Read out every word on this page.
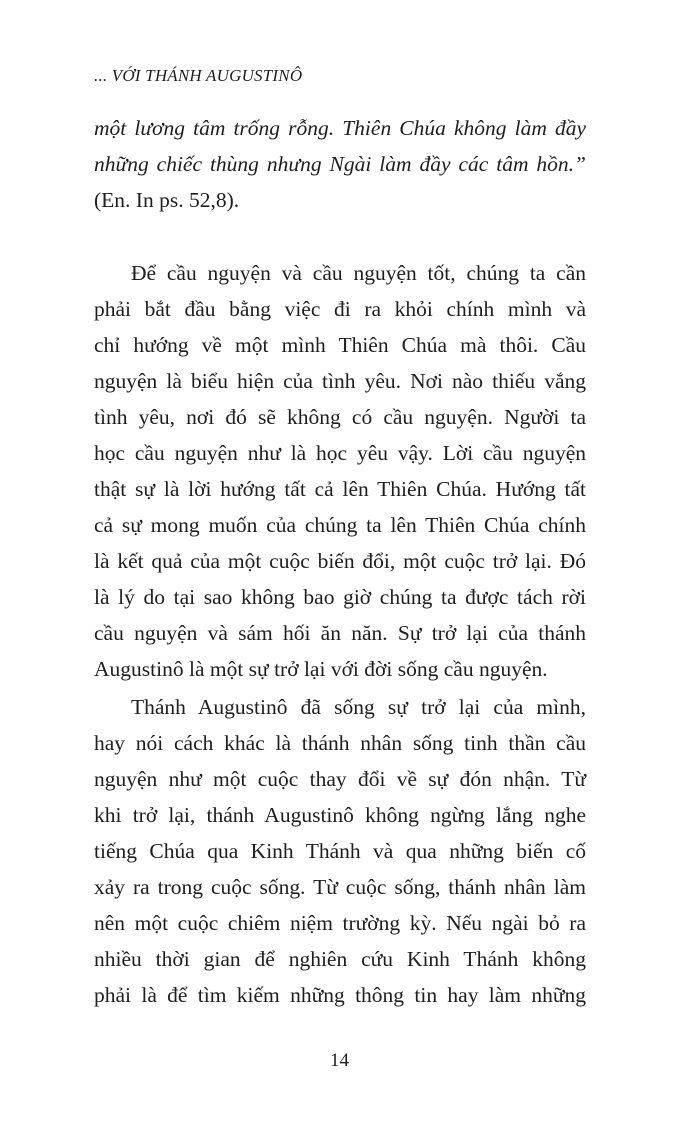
... VỚI THÁNH AUGUSTINÔ
một lương tâm trống rỗng. Thiên Chúa không làm đầy
những chiếc thùng nhưng Ngài làm đầy các tâm hồn.”
(En. In ps. 52,8).
Để cầu nguyện và cầu nguyện tốt, chúng ta cần
phải bắt đầu bằng việc đi ra khỏi chính mình và
chỉ hướng về một mình Thiên Chúa mà thôi. Cầu
nguyện là biểu hiện của tình yêu. Nơi nào thiếu vắng
tình yêu, nơi đó sẽ không có cầu nguyện. Người ta
học cầu nguyện như là học yêu vậy. Lời cầu nguyện
thật sự là lời hướng tất cả lên Thiên Chúa. Hướng tất
cả sự mong muốn của chúng ta lên Thiên Chúa chính
là kết quả của một cuộc biến đổi, một cuộc trở lại. Đó
là lý do tại sao không bao giờ chúng ta được tách rời
cầu nguyện và sám hối ăn năn. Sự trở lại của thánh
Augustinô là một sự trở lại với đời sống cầu nguyện.
Thánh Augustinô đã sống sự trở lại của mình,
hay nói cách khác là thánh nhân sống tinh thần cầu
nguyện như một cuộc thay đổi về sự đón nhận. Từ
khi trở lại, thánh Augustinô không ngừng lắng nghe
tiếng Chúa qua Kinh Thánh và qua những biến cố
xảy ra trong cuộc sống. Từ cuộc sống, thánh nhân làm
nên một cuộc chiêm niệm trường kỳ. Nếu ngài bỏ ra
nhiều thời gian để nghiên cứu Kinh Thánh không
phải là để tìm kiếm những thông tin hay làm những
14
